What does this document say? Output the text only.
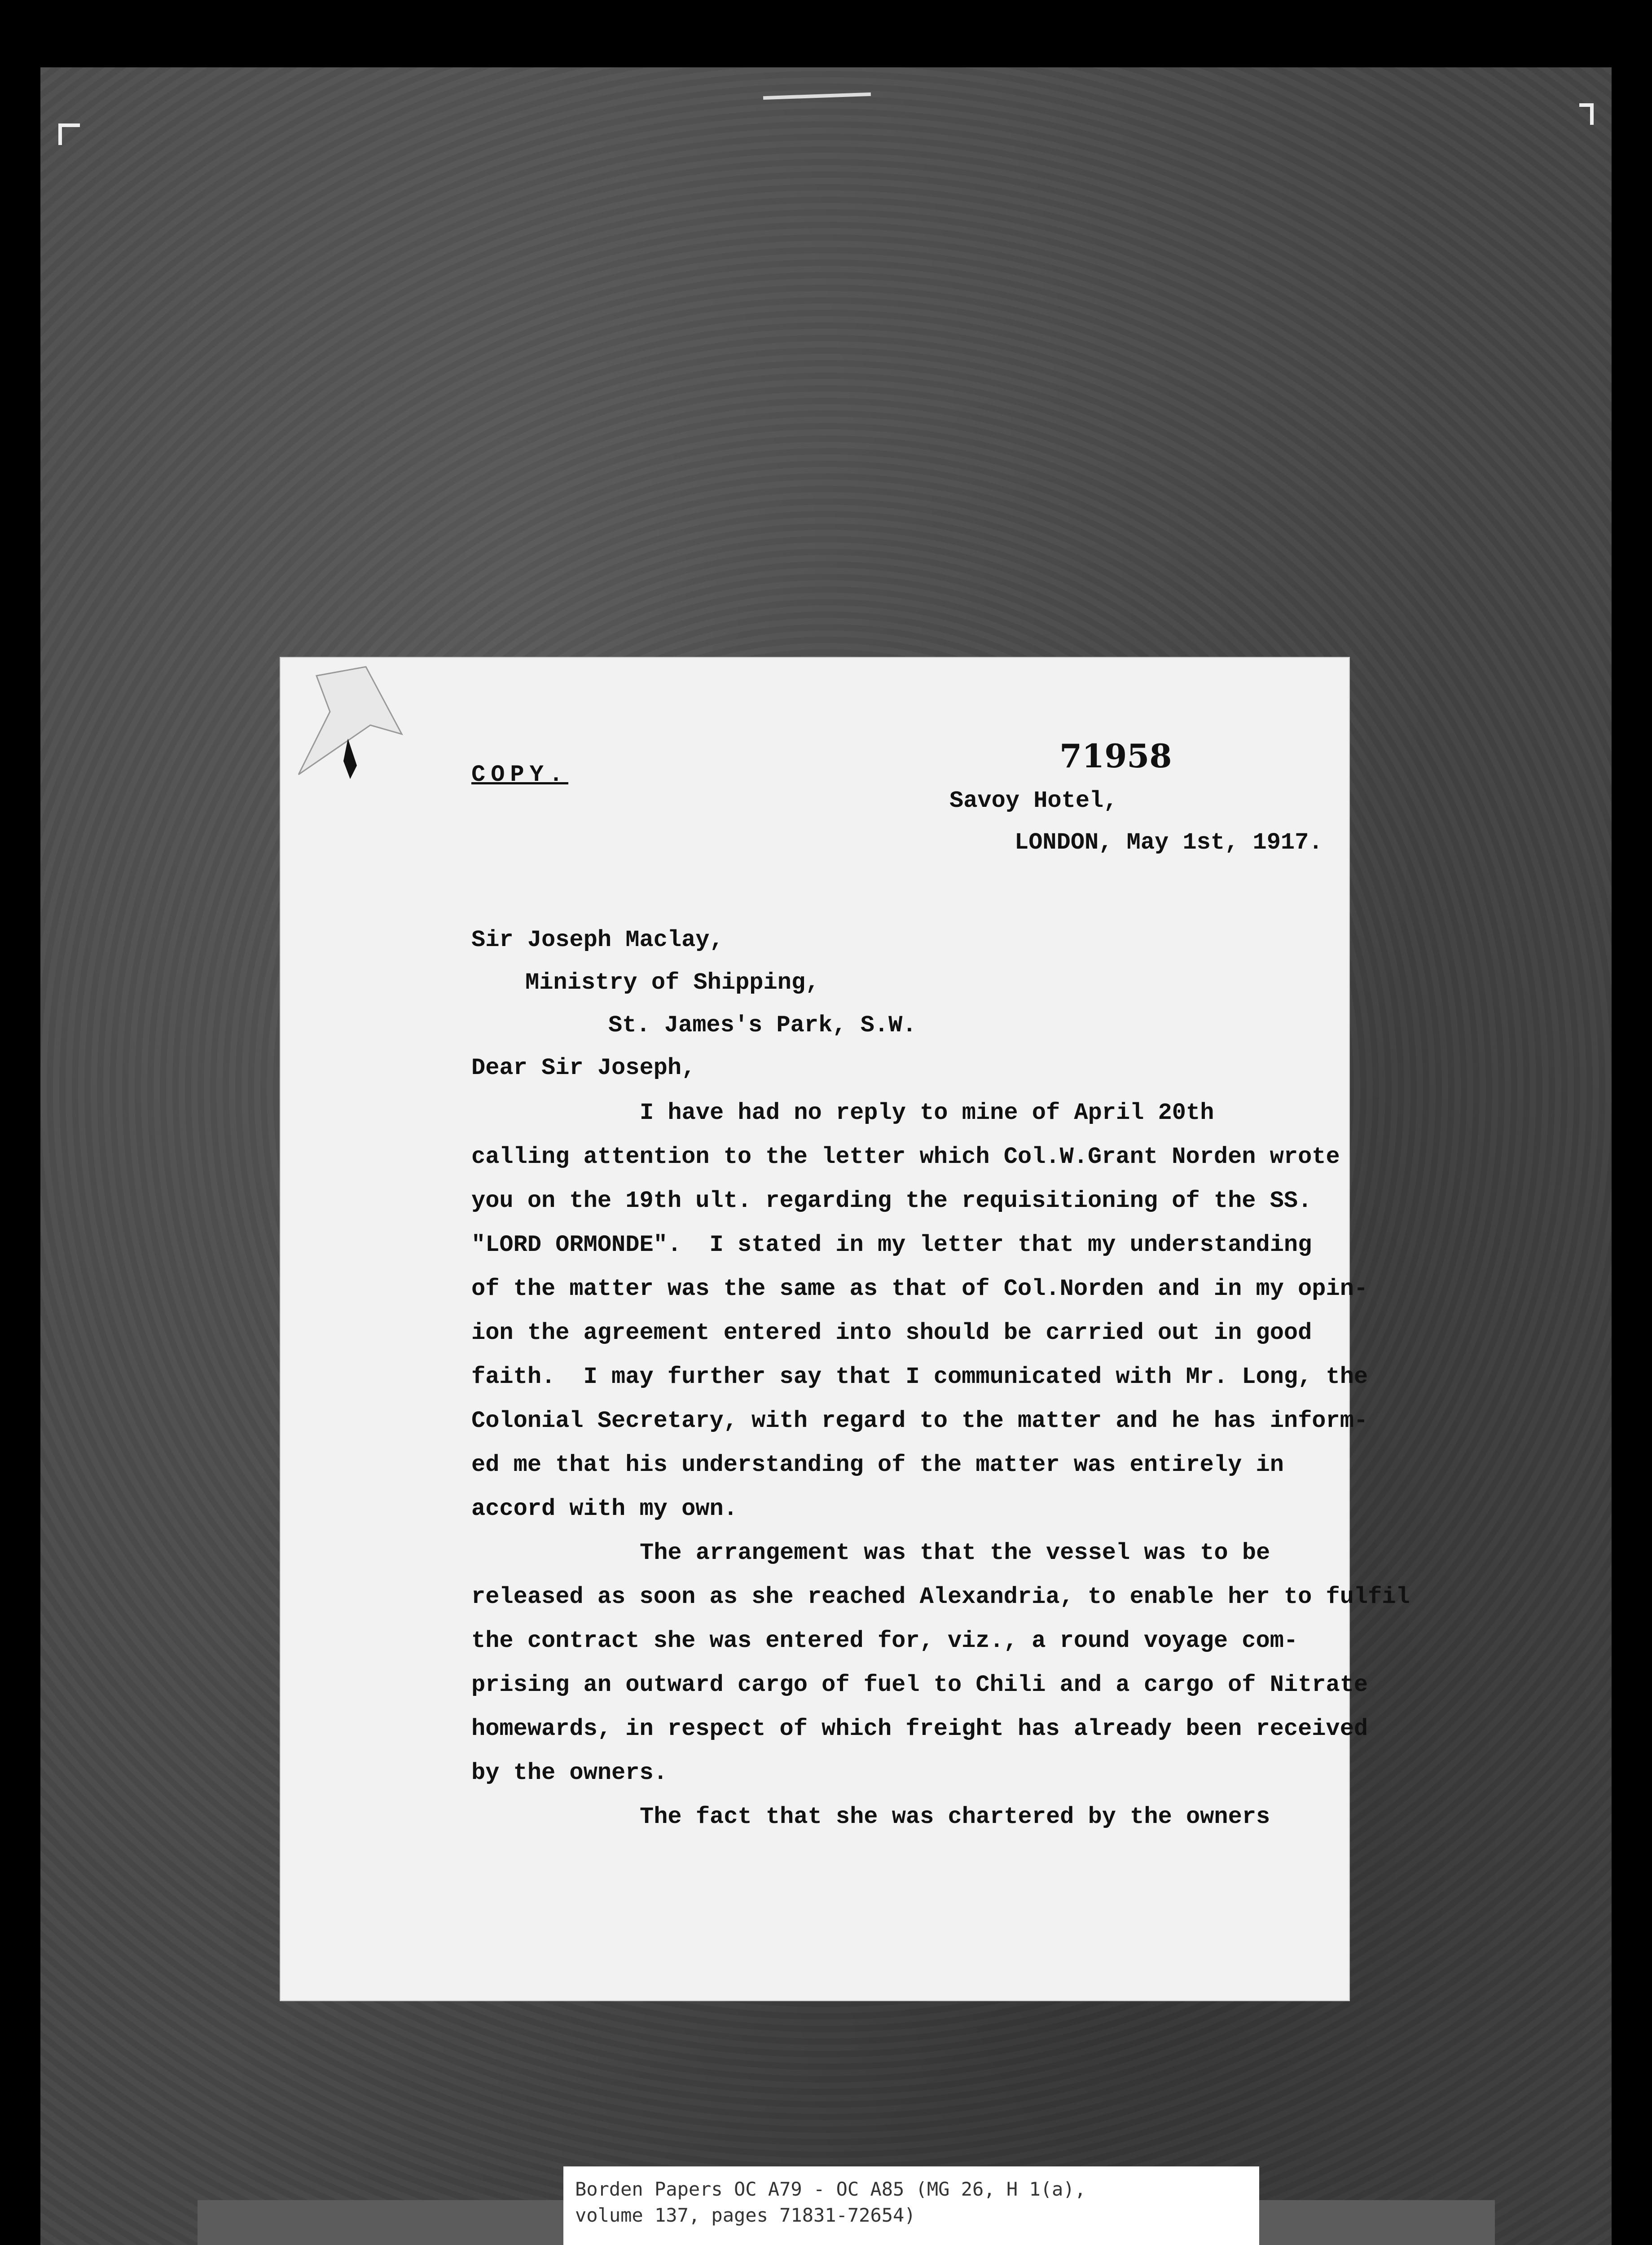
COPY.	71958
Savoy Hotel,
LONDON, May 1st, 1917.
Sir Joseph Maclay,
Ministry of Shipping,
St. James's Park, S.W.
Dear Sir Joseph,

I have had no reply to mine of April 20th

calling attention to the letter which Col.W.Grant Norden wrote

you on the 19th ult. regarding the requisitioning of the SS.

"LORD ORMONDE".  I stated in my letter that my understanding

of the matter was the same as that of Col.Norden and in my opin-

ion the agreement entered into should be carried out in good

faith.  I may further say that I communicated with Mr. Long, the

Colonial Secretary, with regard to the matter and he has inform-

ed me that his understanding of the matter was entirely in

accord with my own.

The arrangement was that the vessel was to be

released as soon as she reached Alexandria, to enable her to fulfil

the contract she was entered for, viz., a round voyage com-

prising an outward cargo of fuel to Chili and a cargo of Nitrate

homewards, in respect of which freight has already been received

by the owners.

The fact that she was chartered by the owners

Borden Papers OC A79 - OC A85 (MG 26, H 1(a),
volume 137, pages 71831-72654)
